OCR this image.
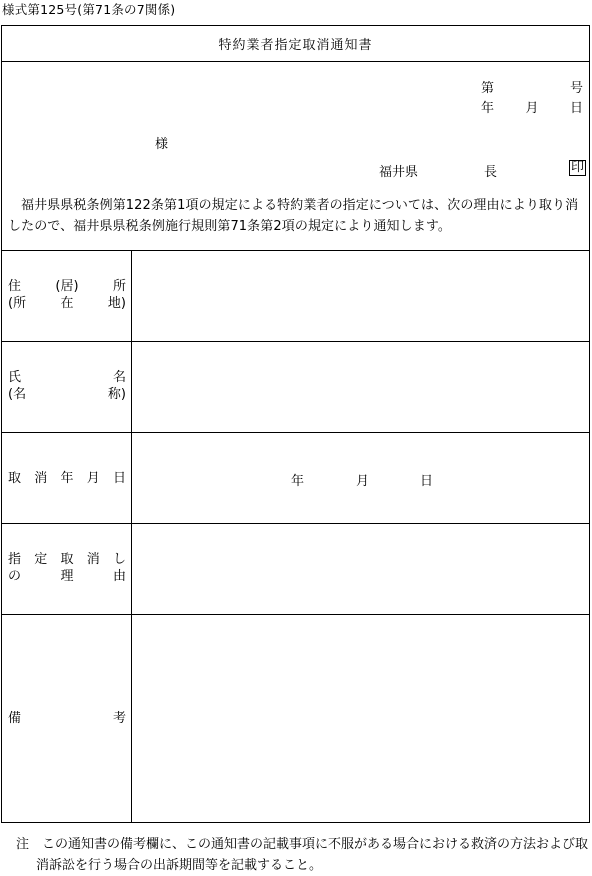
様式第125号(第71条の7関係)
特約業者指定取消通知書
第	号
年 月 日
様
福井県	長	印
福井県県税条例第122条第1項の規定による特約業者の指定については、次の理由により取り消したので、福井県県税条例施行規則第71条第2項の規定により通知します。
住	(居)	所
(所	在	地)
氏	名
(名	称)
取 消 年 月 日	年	月	日
指 定 取 消 し
の	理	由
備	考
注　この通知書の備考欄に、この通知書の記載事項に不服がある場合における救済の方法および取消訴訟を行う場合の出訴期間等を記載すること。
